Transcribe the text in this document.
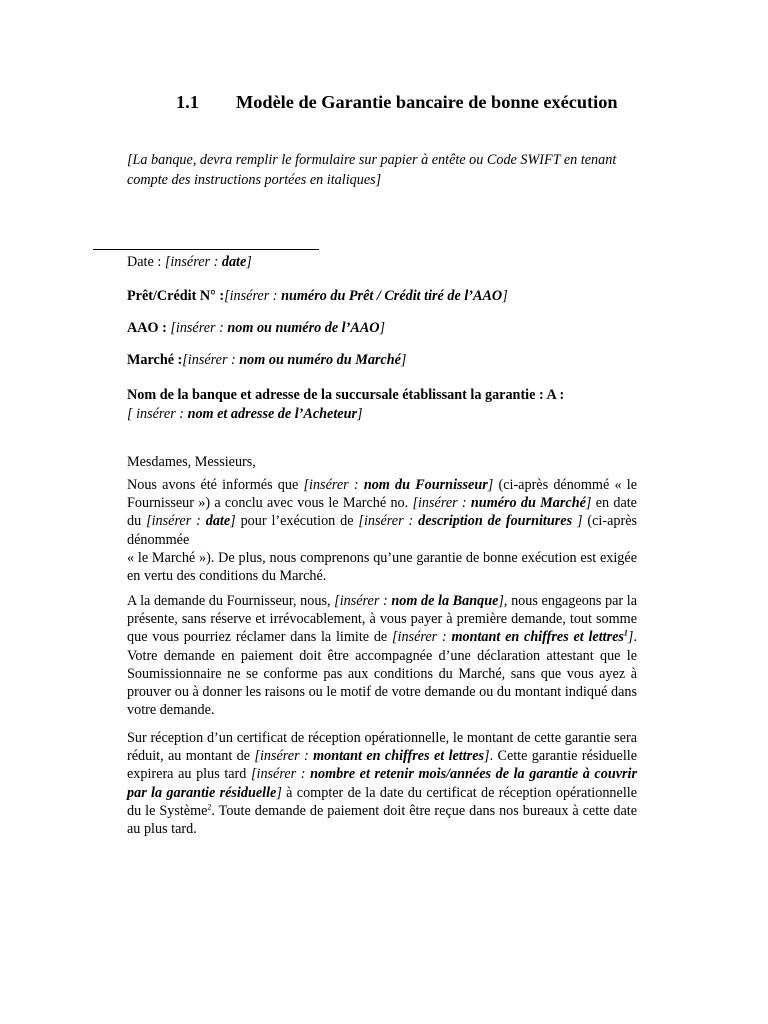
1.1 Modèle de Garantie bancaire de bonne exécution
[La banque, devra remplir le formulaire sur papier à entête ou Code SWIFT en tenant compte des instructions portées en italiques]
Date : [insérer : date]
Prêt/Crédit N° :[insérer : numéro du Prêt / Crédit tiré de l’AAO]
AAO : [insérer : nom ou numéro de l’AAO]
Marché :[insérer : nom ou numéro du Marché]
Nom de la banque et adresse de la succursale établissant la garantie : A :
[ insérer : nom et adresse de l’Acheteur]
Mesdames, Messieurs,
Nous avons été informés que [insérer : nom du Fournisseur] (ci-après dénommé « le Fournisseur ») a conclu avec vous le Marché no. [insérer : numéro du Marché] en date du [insérer : date] pour l’exécution de [insérer : description de fournitures ] (ci-après dénommée
« le Marché »). De plus, nous comprenons qu’une garantie de bonne exécution est exigée en vertu des conditions du Marché.
A la demande du Fournisseur, nous, [insérer : nom de la Banque], nous engageons par la présente, sans réserve et irrévocablement, à vous payer à première demande, tout somme que vous pourriez réclamer dans la limite de [insérer : montant en chiffres et lettres$^1$]. Votre demande en paiement doit être accompagnée d’une déclaration attestant que le Soumissionnaire ne se conforme pas aux conditions du Marché, sans que vous ayez à prouver ou à donner les raisons ou le motif de votre demande ou du montant indiqué dans votre demande.
Sur réception d’un certificat de réception opérationnelle, le montant de cette garantie sera réduit, au montant de [insérer : montant en chiffres et lettres]. Cette garantie résiduelle expirera au plus tard [insérer : nombre et retenir mois/années de la garantie à couvrir par la garantie résiduelle] à compter de la date du certificat de réception opérationnelle du le Système$^2$. Toute demande de paiement doit être reçue dans nos bureaux à cette date au plus tard.
